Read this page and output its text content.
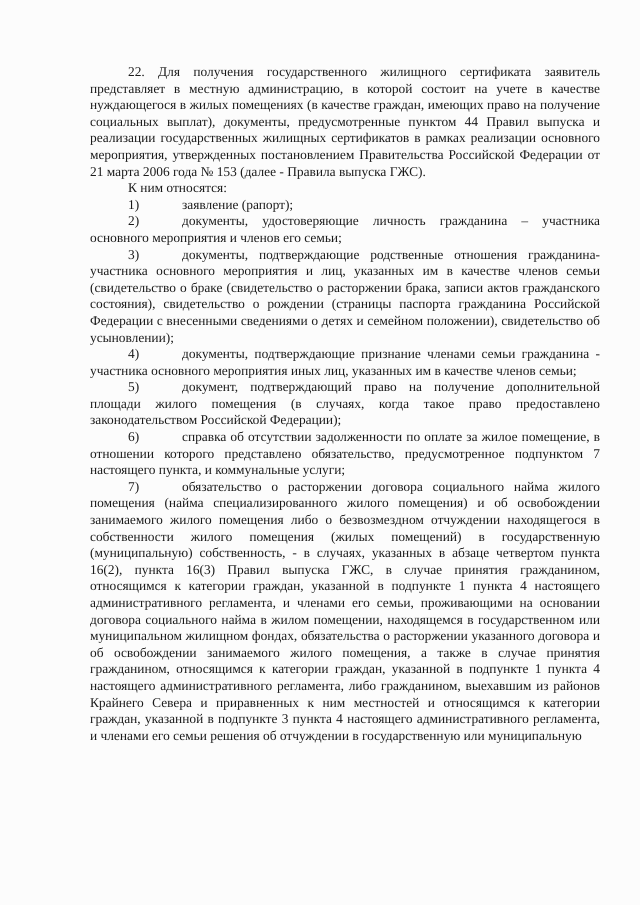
22. Для получения государственного жилищного сертификата заявитель представляет в местную администрацию, в которой состоит на учете в качестве нуждающегося в жилых помещениях (в качестве граждан, имеющих право на получение социальных выплат), документы, предусмотренные пунктом 44 Правил выпуска и реализации государственных жилищных сертификатов в рамках реализации основного мероприятия, утвержденных постановлением Правительства Российской Федерации от 21 марта 2006 года № 153 (далее - Правила выпуска ГЖС).

К ним относятся:

1)	заявление (рапорт);

2)	документы, удостоверяющие личность гражданина – участника основного мероприятия и членов его семьи;

3)	документы, подтверждающие родственные отношения гражданина-участника основного мероприятия и лиц, указанных им в качестве членов семьи (свидетельство о браке (свидетельство о расторжении брака, записи актов гражданского состояния), свидетельство о рождении (страницы паспорта гражданина Российской Федерации с внесенными сведениями о детях и семейном положении), свидетельство об усыновлении);

4)	документы, подтверждающие признание членами семьи гражданина - участника основного мероприятия иных лиц, указанных им в качестве членов семьи;

5)	документ, подтверждающий право на получение дополнительной площади жилого помещения (в случаях, когда такое право предоставлено законодательством Российской Федерации);

6)	справка об отсутствии задолженности по оплате за жилое помещение, в отношении которого представлено обязательство, предусмотренное подпунктом 7 настоящего пункта, и коммунальные услуги;

7)	обязательство о расторжении договора социального найма жилого помещения (найма специализированного жилого помещения) и об освобождении занимаемого жилого помещения либо о безвозмездном отчуждении находящегося в собственности жилого помещения (жилых помещений) в государственную (муниципальную) собственность, - в случаях, указанных в абзаце четвертом пункта 16(2), пункта 16(3) Правил выпуска ГЖС, в случае принятия гражданином, относящимся к категории граждан, указанной в подпункте 1 пункта 4 настоящего административного регламента, и членами его семьи, проживающими на основании договора социального найма в жилом помещении, находящемся в государственном или муниципальном жилищном фондах, обязательства о расторжении указанного договора и об освобождении занимаемого жилого помещения, а также в случае принятия гражданином, относящимся к категории граждан, указанной в подпункте 1 пункта 4 настоящего административного регламента, либо гражданином, выехавшим из районов Крайнего Севера и приравненных к ним местностей и относящимся к категории граждан, указанной в подпункте 3 пункта 4 настоящего административного регламента, и членами его семьи решения об отчуждении в государственную или муниципальную
